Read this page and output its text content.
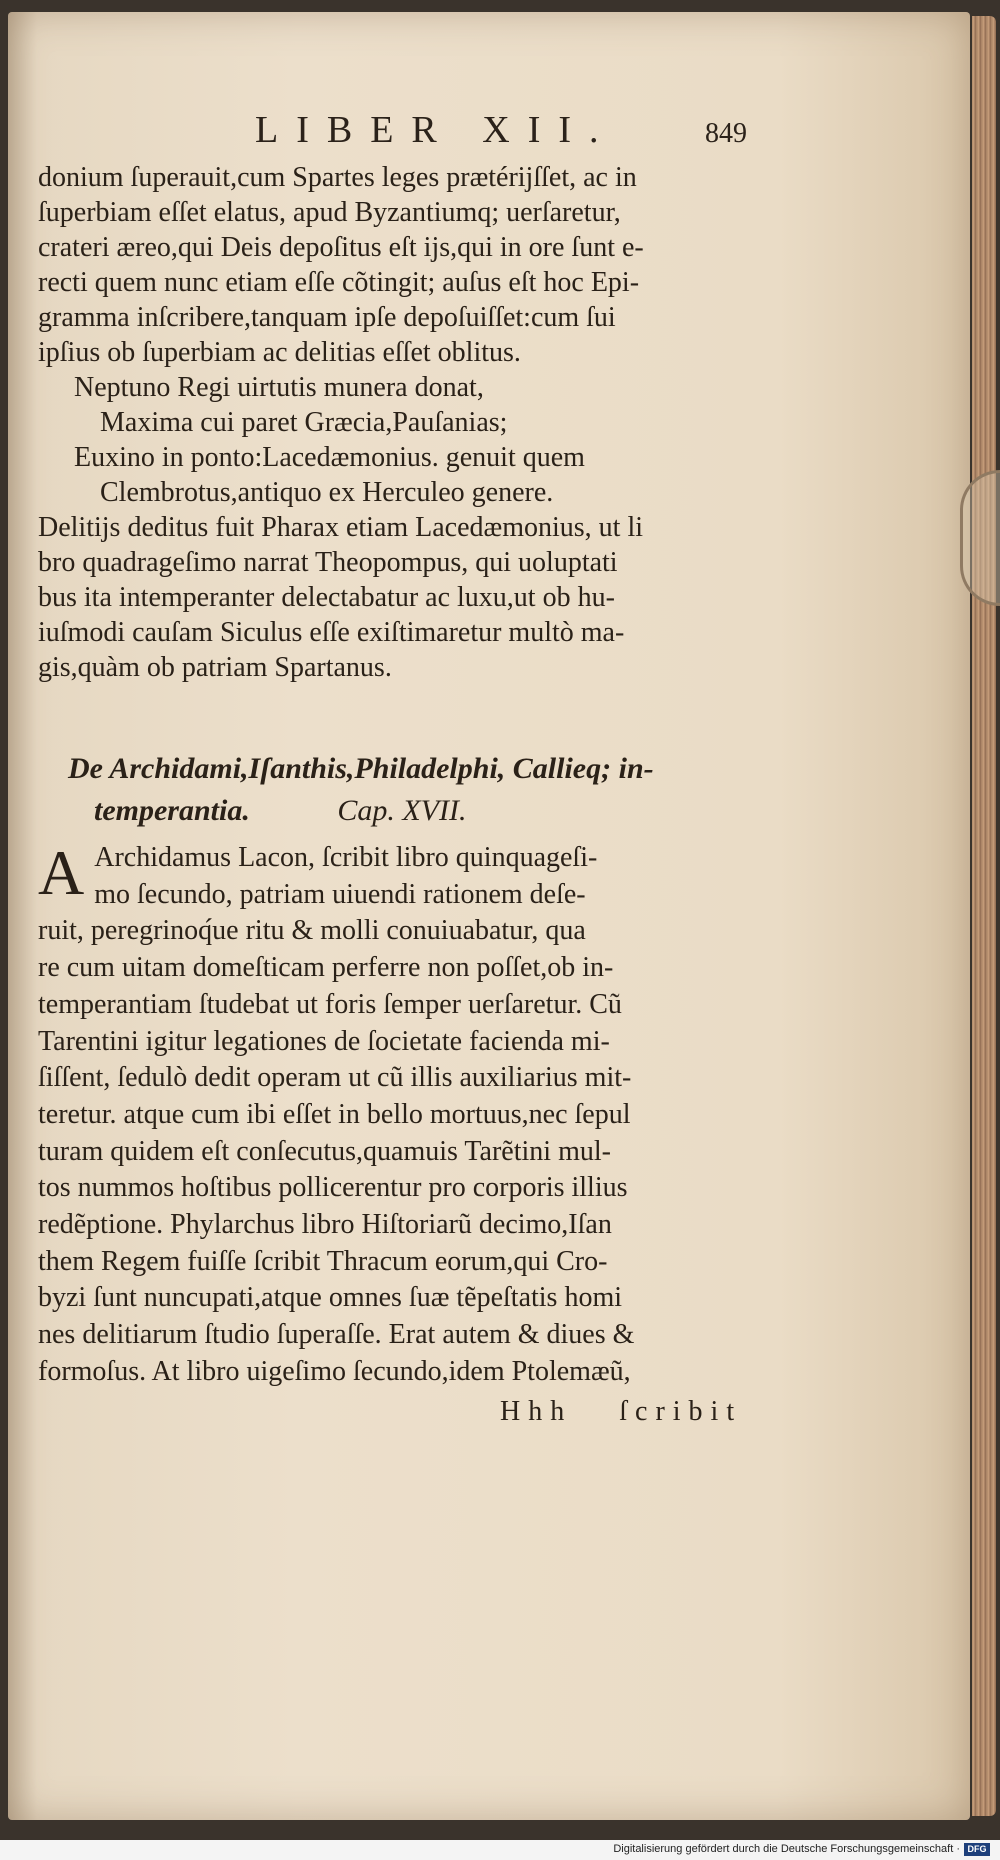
LIBER XII.	849
donium ſuperauit,cum Spartes leges prætérijſſet, ac in
ſuperbiam eſſet elatus, apud Byzantiumq; uerſaretur,
crateri æreo,qui Deis depoſitus eſt ijs,qui in ore ſunt e-
recti quem nunc etiam eſſe cõtingit; auſus eſt hoc Epi-
gramma inſcribere,tanquam ipſe depoſuiſſet:cum ſui
ipſius ob ſuperbiam ac delitias eſſet oblitus.
Neptuno Regi uirtutis munera donat,
Maxima cui paret Græcia,Pauſanias;
Euxino in ponto:Lacedæmonius. genuit quem
Clembrotus,antiquo ex Herculeo genere.
Delitijs deditus fuit Pharax etiam Lacedæmonius, ut li
bro quadrageſimo narrat Theopompus, qui uoluptati
bus ita intemperanter delectabatur ac luxu,ut ob hu-
iuſmodi cauſam Siculus eſſe exiſtimaretur multò ma-
gis,quàm ob patriam Spartanus.
De Archidami,Iſanthis,Philadelphi, Callieq; in-
temperantia.	Cap. XVII.
A Archidamus Lacon, ſcribit libro quinquageſi-
mo ſecundo, patriam uiuendi rationem deſe-
ruit, peregrinoq́ue ritu & molli conuiuabatur, qua
re cum uitam domeſticam perferre non poſſet,ob in-
temperantiam ſtudebat ut foris ſemper uerſaretur. Cũ
Tarentini igitur legationes de ſocietate facienda mi-
ſiſſent, ſedulò dedit operam ut cũ illis auxiliarius mit-
teretur. atque cum ibi eſſet in bello mortuus,nec ſepul
turam quidem eſt conſecutus,quamuis Tarẽtini mul-
tos nummos hoſtibus pollicerentur pro corporis illius
redẽptione. Phylarchus libro Hiſtoriarũ decimo,Iſan
them Regem fuiſſe ſcribit Thracum eorum,qui Cro-
byzi ſunt nuncupati,atque omnes ſuæ tẽpeſtatis homi
nes delitiarum ſtudio ſuperaſſe. Erat autem & diues &
formoſus. At libro uigeſimo ſecundo,idem Ptolemæũ,
Hhh ſcribit
Digitalisierung gefördert durch die Deutsche Forschungsgemeinschaft · DFG
